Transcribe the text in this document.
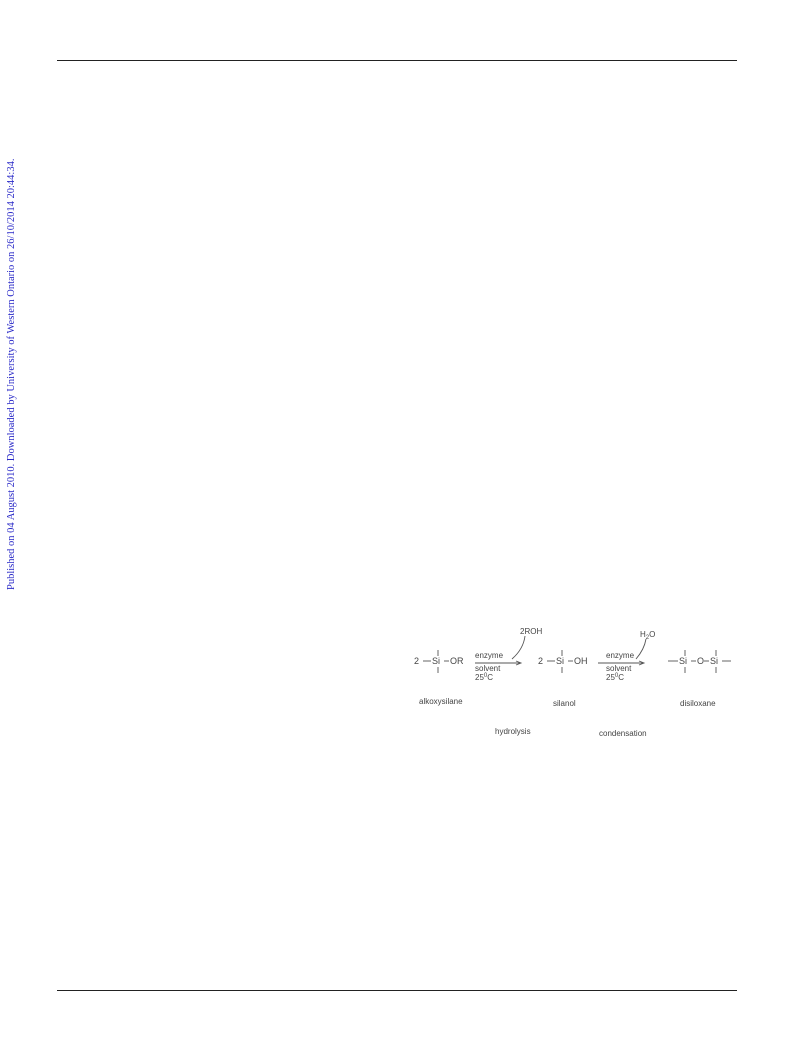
Published on 04 August 2010. Downloaded by University of Western Ontario on 26/10/2014 20:44:34.
2 Si OR
enzyme
solvent
$25^0C$
2ROH
2 Si OH
enzyme
solvent
$25^0C$
$H_2O$
Si O Si
alkoxysilane	silanol	disiloxane
hydrolysis	condensation
